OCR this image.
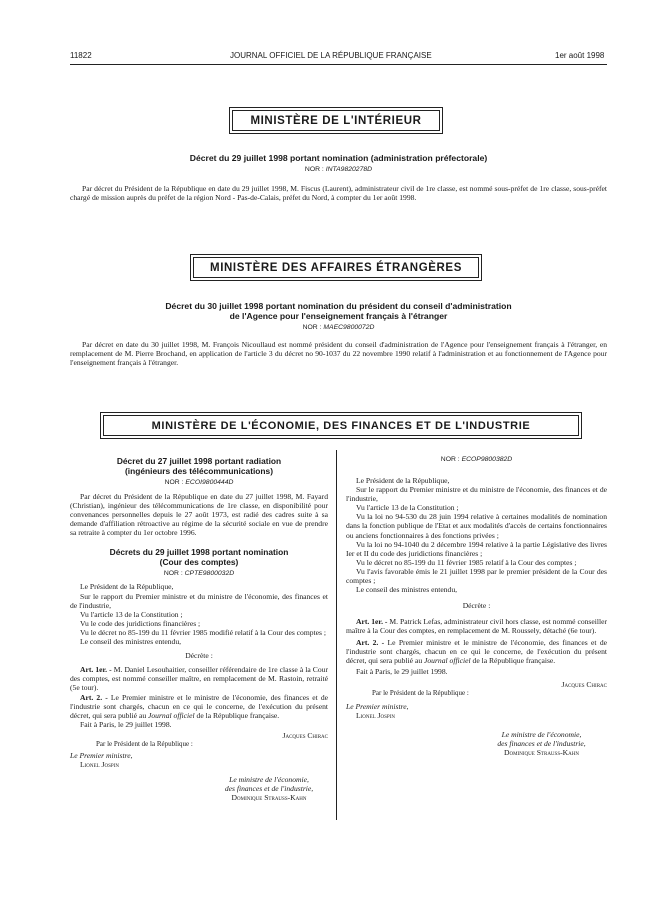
11822	JOURNAL OFFICIEL DE LA RÉPUBLIQUE FRANÇAISE	1er août 1998
MINISTÈRE DE L'INTÉRIEUR
Décret du 29 juillet 1998 portant nomination (administration préfectorale)
NOR : INTA9820278D
Par décret du Président de la République en date du 29 juillet 1998, M. Fiscus (Laurent), administrateur civil de 1re classe, est nommé sous-préfet de 1re classe, sous-préfet chargé de mission auprès du préfet de la région Nord - Pas-de-Calais, préfet du Nord, à compter du 1er août 1998.
MINISTÈRE DES AFFAIRES ÉTRANGÈRES
Décret du 30 juillet 1998 portant nomination du président du conseil d'administration
de l'Agence pour l'enseignement français à l'étranger
NOR : MAEC9800072D
Par décret en date du 30 juillet 1998, M. François Nicoullaud est nommé président du conseil d'administration de l'Agence pour l'enseignement français à l'étranger, en remplacement de M. Pierre Brochand, en application de l'article 3 du décret no 90-1037 du 22 novembre 1990 relatif à l'administration et au fonctionnement de l'Agence pour l'enseignement français à l'étranger.
MINISTÈRE DE L'ÉCONOMIE, DES FINANCES ET DE L'INDUSTRIE
Décret du 27 juillet 1998 portant radiation
(ingénieurs des télécommunications)
NOR : ECOI9800444D

Par décret du Président de la République en date du 27 juillet 1998, M. Fayard (Christian), ingénieur des télécommunications de 1re classe, en disponibilité pour convenances personnelles depuis le 27 août 1973, est radié des cadres suite à sa demande d'affiliation rétroactive au régime de la sécurité sociale en vue de prendre sa retraite à compter du 1er octobre 1996.

Décrets du 29 juillet 1998 portant nomination
(Cour des comptes)
NOR : CPTE9800032D

Le Président de la République,

Sur le rapport du Premier ministre et du ministre de l'économie, des finances et de l'industrie,

Vu l'article 13 de la Constitution ;

Vu le code des juridictions financières ;

Vu le décret no 85-199 du 11 février 1985 modifié relatif à la Cour des comptes ;

Le conseil des ministres entendu,

Décrète :

Art. 1er. - M. Daniel Lesouhaitier, conseiller référendaire de 1re classe à la Cour des comptes, est nommé conseiller maître, en remplacement de M. Rastoin, retraité (5e tour).

Art. 2. - Le Premier ministre et le ministre de l'économie, des finances et de l'industrie sont chargés, chacun en ce qui le concerne, de l'exécution du présent décret, qui sera publié au Journal officiel de la République française.

Fait à Paris, le 29 juillet 1998.

Jacques Chirac

Par le Président de la République :

Le Premier ministre,

Lionel Jospin

Le ministre de l'économie,
des finances et de l'industrie,
Dominique Strauss-Kahn
NOR : ECOP9800382D

Le Président de la République,

Sur le rapport du Premier ministre et du ministre de l'économie, des finances et de l'industrie,

Vu l'article 13 de la Constitution ;

Vu la loi no 94-530 du 28 juin 1994 relative à certaines modalités de nomination dans la fonction publique de l'Etat et aux modalités d'accès de certains fonctionnaires ou anciens fonctionnaires à des fonctions privées ;

Vu la loi no 94-1040 du 2 décembre 1994 relative à la partie Législative des livres Ier et II du code des juridictions financières ;

Vu le décret no 85-199 du 11 février 1985 relatif à la Cour des comptes ;

Vu l'avis favorable émis le 21 juillet 1998 par le premier président de la Cour des comptes ;

Le conseil des ministres entendu,

Décrète :

Art. 1er. - M. Patrick Lefas, administrateur civil hors classe, est nommé conseiller maître à la Cour des comptes, en remplacement de M. Roussely, détaché (6e tour).

Art. 2. - Le Premier ministre et le ministre de l'économie, des finances et de l'industrie sont chargés, chacun en ce qui le concerne, de l'exécution du présent décret, qui sera publié au Journal officiel de la République française.

Fait à Paris, le 29 juillet 1998.

Jacques Chirac

Par le Président de la République :

Le Premier ministre,

Lionel Jospin

Le ministre de l'économie,
des finances et de l'industrie,
Dominique Strauss-Kahn
